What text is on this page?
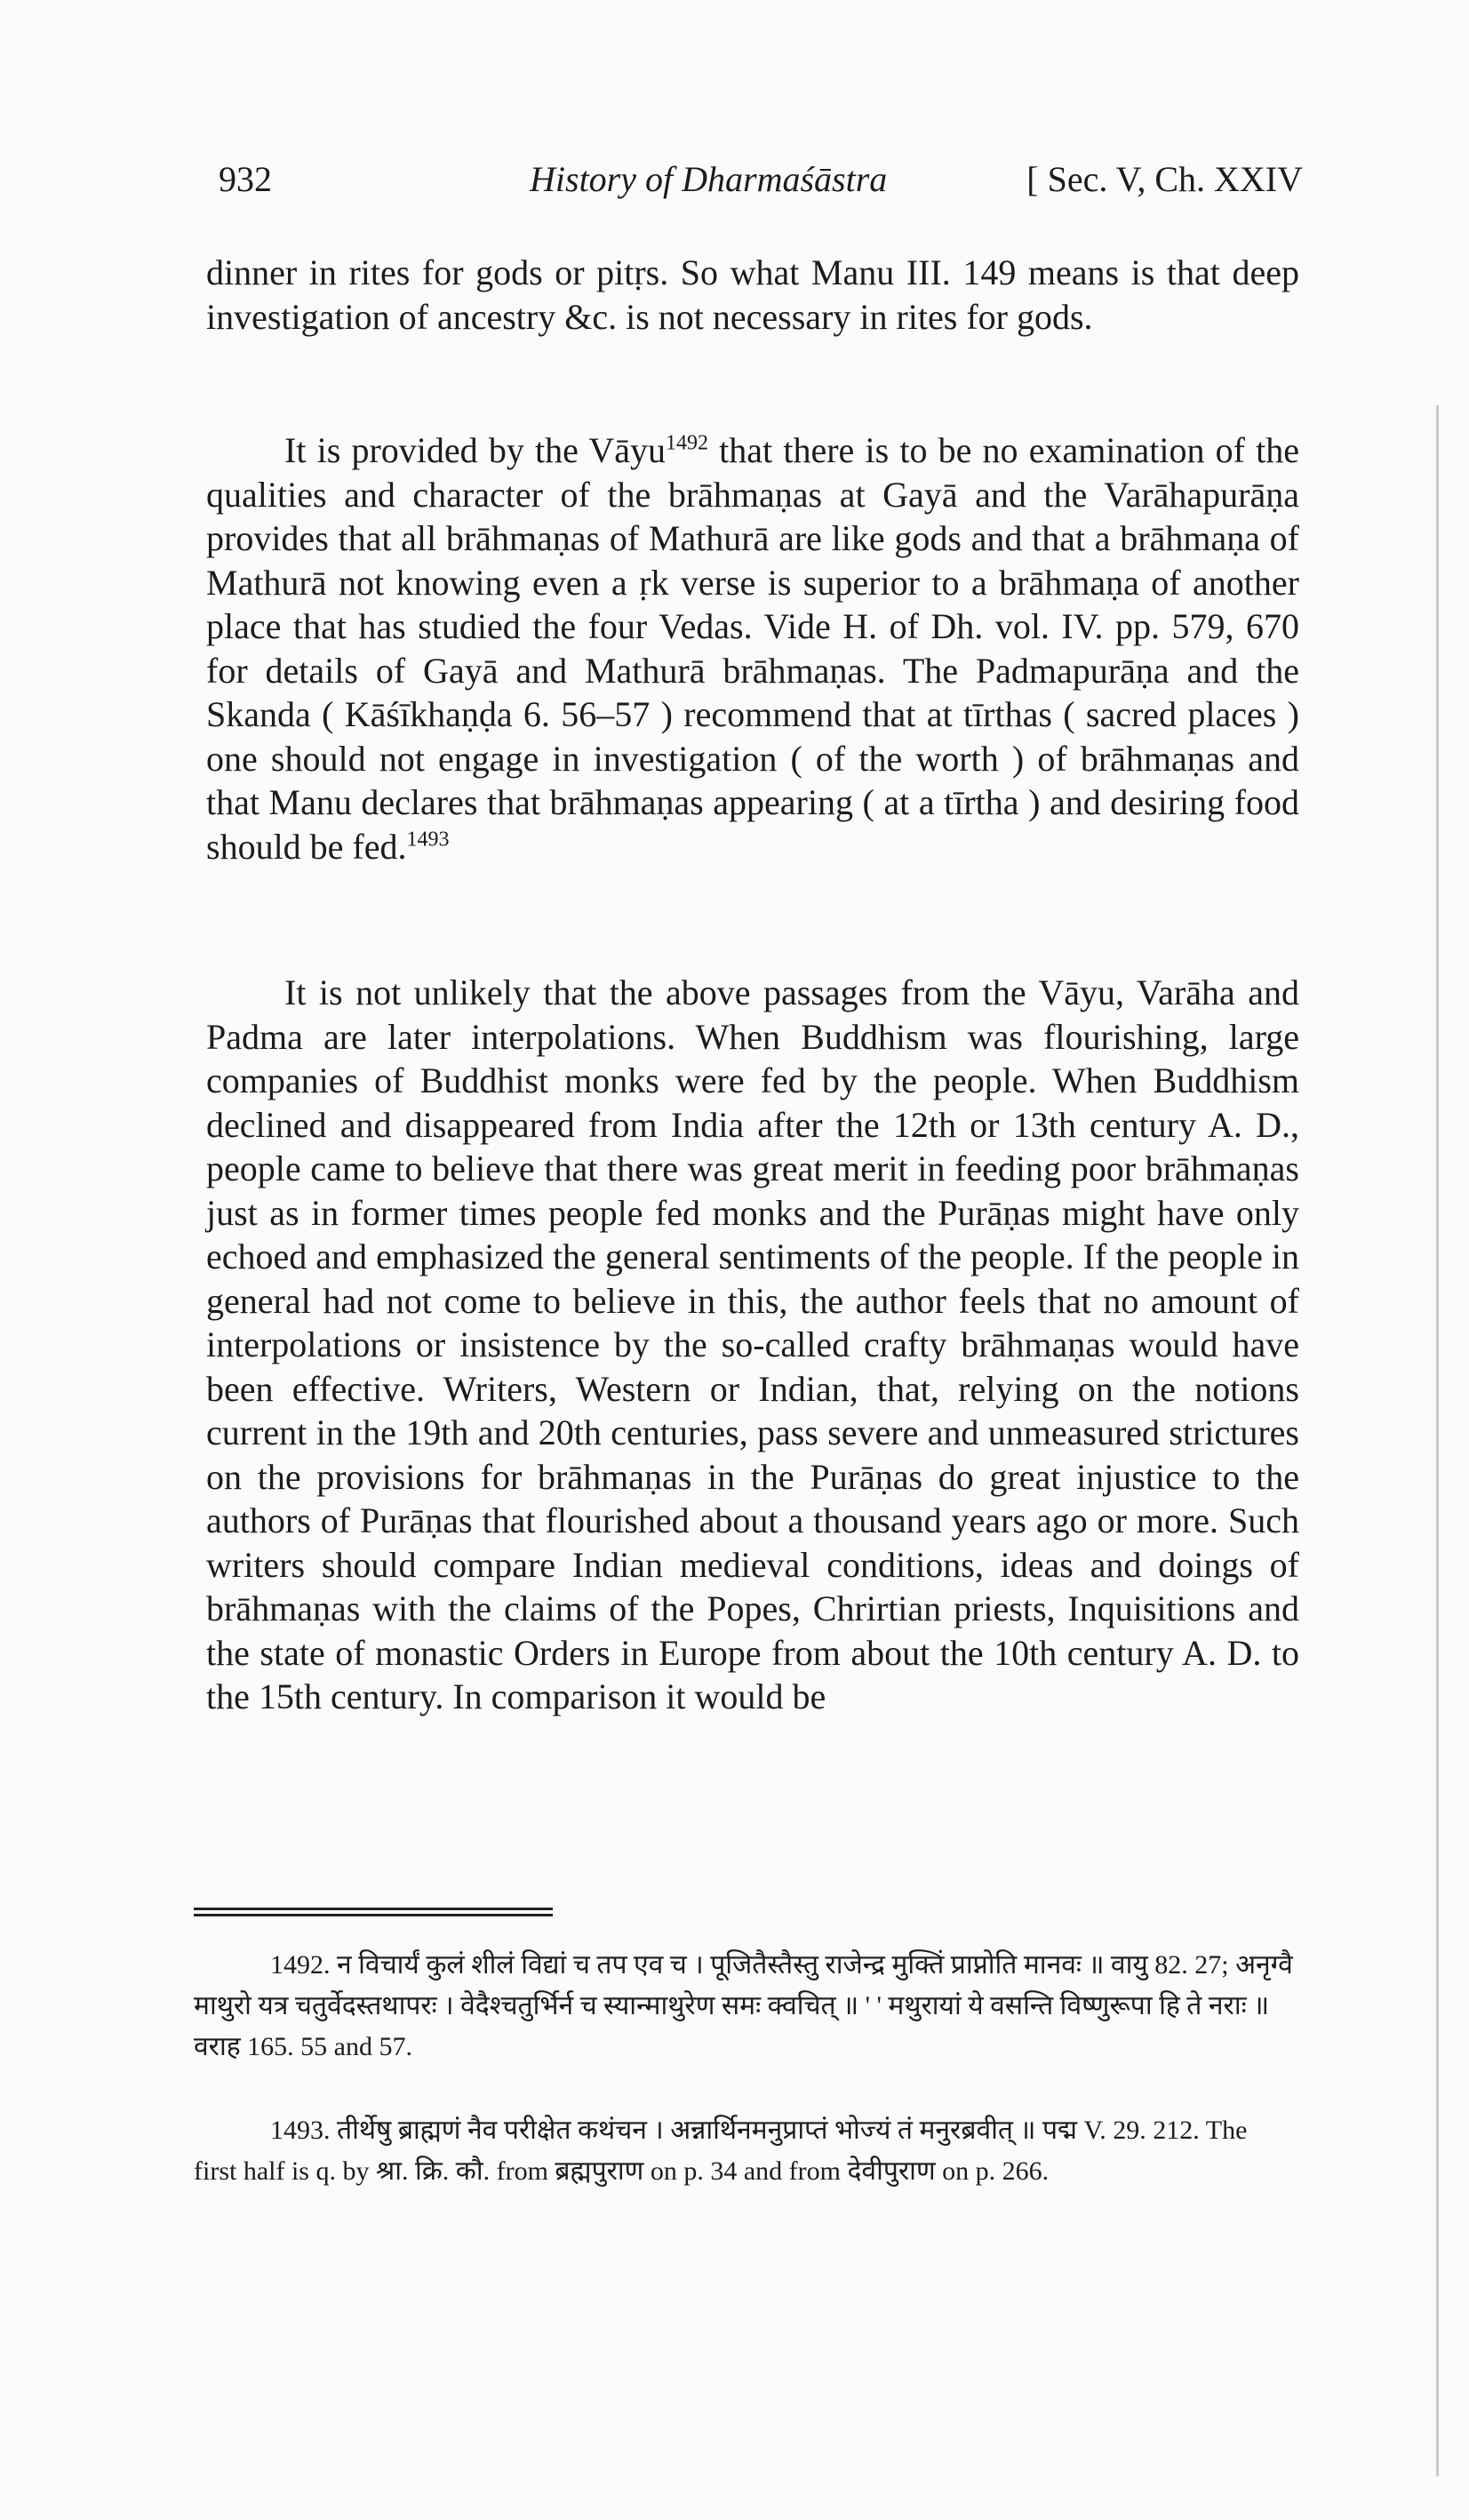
932	History of Dharmaśāstra	[ Sec. V, Ch. XXIV
dinner in rites for gods or pitṛs. So what Manu III. 149 means is that deep investigation of ancestry &c. is not necessary in rites for gods.
It is provided by the Vāyu$^{1492}$ that there is to be no examination of the qualities and character of the brāhmaṇas at Gayā and the Varāhapurāṇa provides that all brāhmaṇas of Mathurā are like gods and that a brāhmaṇa of Mathurā not knowing even a ṛk verse is superior to a brāhmaṇa of another place that has studied the four Vedas. Vide H. of Dh. vol. IV. pp. 579, 670 for details of Gayā and Mathurā brāhmaṇas. The Padmapurāṇa and the Skanda ( Kāśīkhaṇḍa 6. 56–57 ) recommend that at tīrthas ( sacred places ) one should not engage in investigation ( of the worth ) of brāhmaṇas and that Manu declares that brāhmaṇas appearing ( at a tīrtha ) and desiring food should be fed.$^{1493}$
It is not unlikely that the above passages from the Vāyu, Varāha and Padma are later interpolations. When Buddhism was flourishing, large companies of Buddhist monks were fed by the people. When Buddhism declined and disappeared from India after the 12th or 13th century A. D., people came to believe that there was great merit in feeding poor brāhmaṇas just as in former times people fed monks and the Purāṇas might have only echoed and emphasized the general sentiments of the people. If the people in general had not come to believe in this, the author feels that no amount of interpolations or insistence by the so-called crafty brāhmaṇas would have been effective. Writers, Western or Indian, that, relying on the notions current in the 19th and 20th centuries, pass severe and unmeasured strictures on the provisions for brāhmaṇas in the Purāṇas do great injustice to the authors of Purāṇas that flourished about a thousand years ago or more. Such writers should compare Indian medieval conditions, ideas and doings of brāhmaṇas with the claims of the Popes, Chrirtian priests, Inquisitions and the state of monastic Orders in Europe from about the 10th century A. D. to the 15th century. In comparison it would be
1492. न विचार्यं कुलं शीलं विद्यां च तप एव च । पूजितैस्तैस्तु राजेन्द्र मुक्तिं प्राप्नोति मानवः ॥ वायु 82. 27; अनृग्वै माथुरो यत्र चतुर्वेदस्तथापरः । वेदैश्चतुर्भिर्न च स्यान्माथुरेण समः क्वचित् ॥ ' ' मथुरायां ये वसन्ति विष्णुरूपा हि ते नराः ॥ वराह 165. 55 and 57.
1493. तीर्थेषु ब्राह्मणं नैव परीक्षेत कथंचन । अन्नार्थिनमनुप्राप्तं भोज्यं तं मनुरब्रवीत् ॥ पद्म V. 29. 212. The first half is q. by श्रा. क्रि. कौ. from ब्रह्मपुराण on p. 34 and from देवीपुराण on p. 266.
